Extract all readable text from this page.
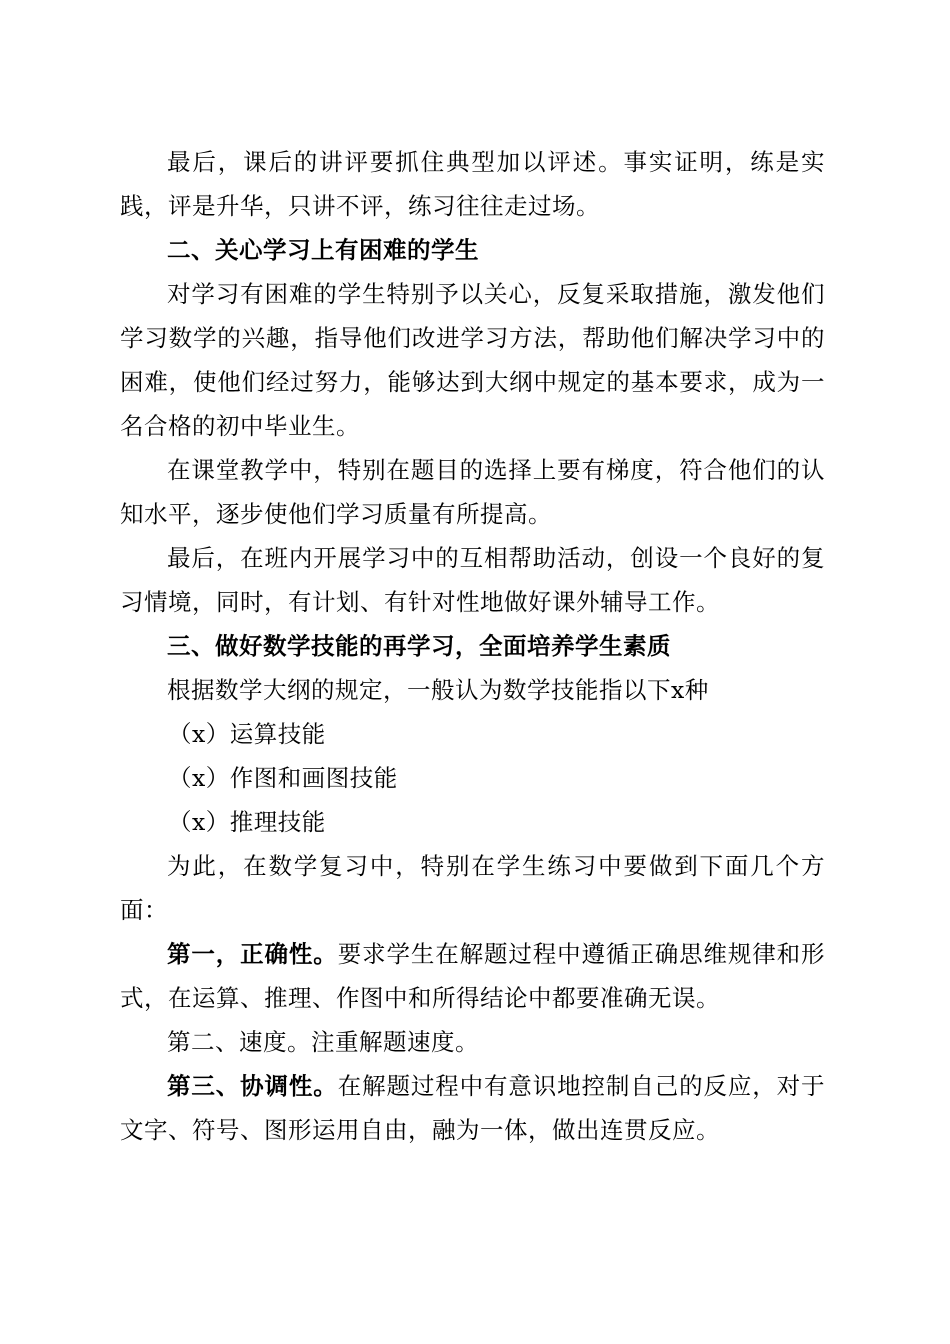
最后，课后的讲评要抓住典型加以评述。事实证明，练是实践，评是升华，只讲不评，练习往往走过场。

二、关心学习上有困难的学生

对学习有困难的学生特别予以关心，反复采取措施，激发他们学习数学的兴趣，指导他们改进学习方法，帮助他们解决学习中的困难，使他们经过努力，能够达到大纲中规定的基本要求，成为一名合格的初中毕业生。

在课堂教学中，特别在题目的选择上要有梯度，符合他们的认知水平，逐步使他们学习质量有所提高。

最后，在班内开展学习中的互相帮助活动，创设一个良好的复习情境，同时，有计划、有针对性地做好课外辅导工作。

三、做好数学技能的再学习，全面培养学生素质

根据数学大纲的规定，一般认为数学技能指以下x种

（x）运算技能

（x）作图和画图技能

（x）推理技能

为此，在数学复习中，特别在学生练习中要做到下面几个方面：

第一，正确性。要求学生在解题过程中遵循正确思维规律和形式，在运算、推理、作图中和所得结论中都要准确无误。

第二、速度。注重解题速度。

第三、协调性。在解题过程中有意识地控制自己的反应，对于文字、符号、图形运用自由，融为一体，做出连贯反应。
